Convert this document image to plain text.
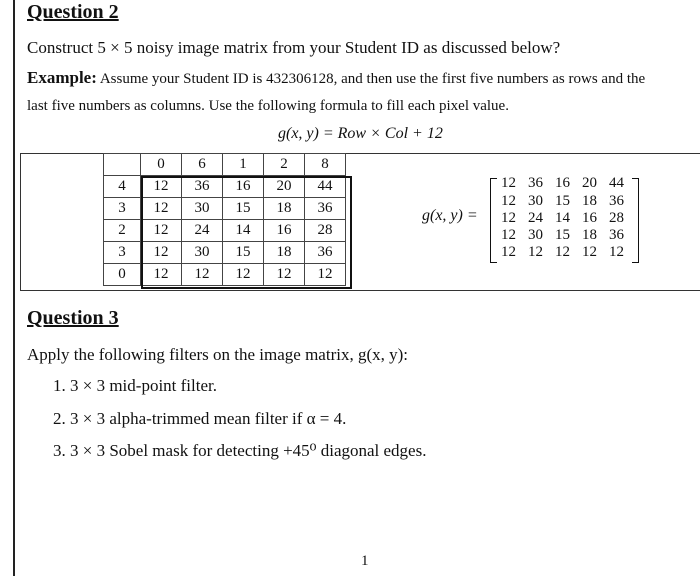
Question 2
Construct 5 × 5 noisy image matrix from your Student ID as discussed below?
Example: Assume your Student ID is 432306128, and then use the first five numbers as rows and the
last five numbers as columns. Use the following formula to fill each pixel value.
g(x, y) = Row × Col + 12
	0	6	1	2	8
4	12	36	16	20	44
3	12	30	15	18	36
2	12	24	14	16	28
3	12	30	15	18	36
0	12	12	12	12	12
g(x, y) =
12 36 16 20 44
12 30 15 18 36
12 24 14 16 28
12 30 15 18 36
12 12 12 12 12
Question 3
Apply the following filters on the image matrix, g(x, y):
1. 3 × 3 mid-point filter.
2. 3 × 3 alpha-trimmed mean filter if α = 4.
3. 3 × 3 Sobel mask for detecting +45⁰ diagonal edges.
1
